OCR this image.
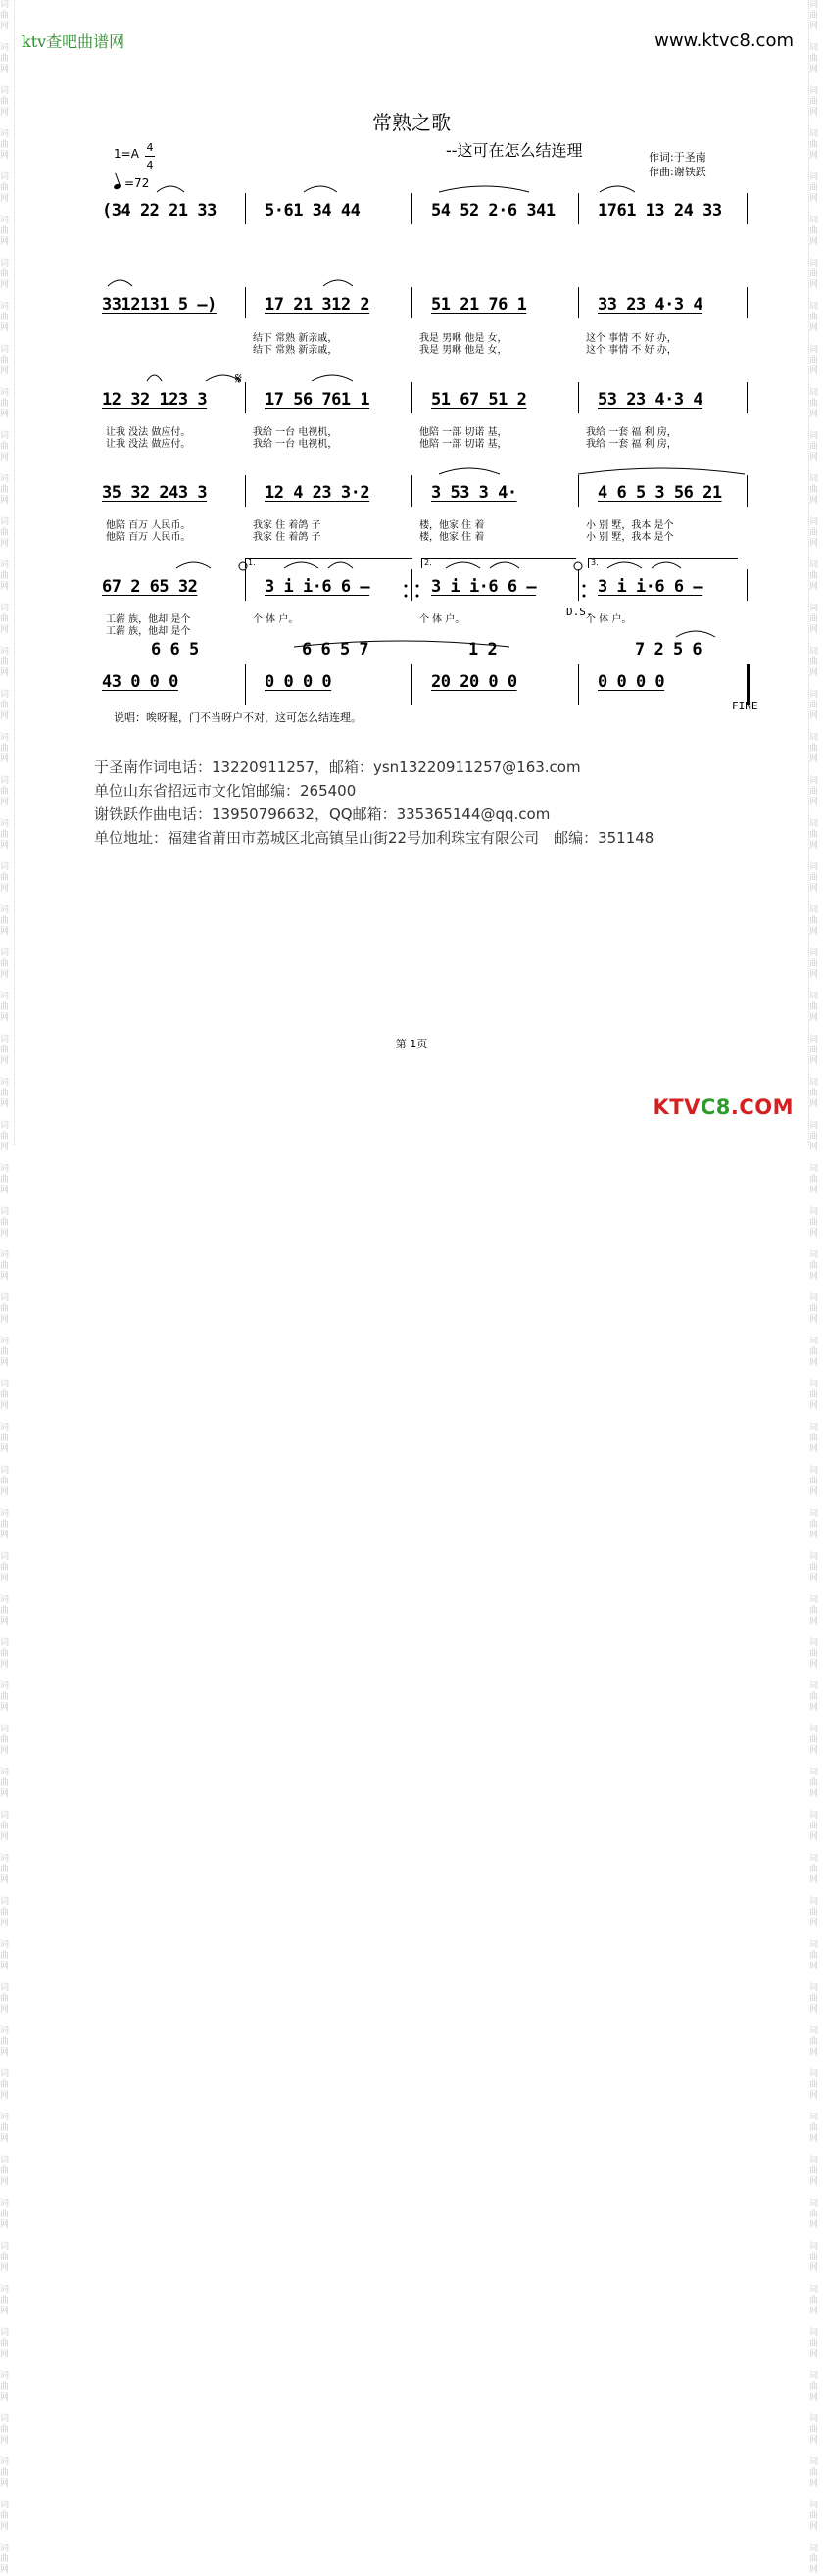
词
曲
网

词
曲
网

词
曲
网

词
曲
网

词
曲
网

词
曲
网

词
曲
网

词
曲
网

词
曲
网

词
曲
网

词
曲
网

词
曲
网

词
曲
网

词
曲
网

词
曲
网

词
曲
网

词
曲
网

词
曲
网

词
曲
网

词
曲
网

词
曲
网

词
曲
网

词
曲
网

词
曲
网

词
曲
网

词
曲
网

词
曲
网

词
曲
网

词
曲
网

词
曲
网

词
曲
网

词
曲
网

词
曲
网

词
曲
网

词
曲
网

词
曲
网

词
曲
网

词
曲
网

词
曲
网

词
曲
网

词
曲
网

词
曲
网

词
曲
网

词
曲
网

词
曲
网

词
曲
网

词
曲
网

词
曲
网

词
曲
网

词
曲
网

词
曲
网

词
曲
网

词
曲
网

词
曲
网

词
曲
网

词
曲
网

词
曲
网

词
曲
网

词
曲
网

词
曲
网

词
曲
网

词
曲
网

词
曲
网

词
曲
网

词
曲
网

词
曲
网

词
曲
网

词
曲
网

词
曲
网

词
曲
网

词
曲
网

词
曲
网

词
曲
网

词
曲
网

词
曲
网

词
曲
网

词
曲
网

词
曲
网

词
曲
网

词
曲
网

词
曲
网

词
曲
网

词
曲
网

词
曲
网

词
曲
网

词
曲
网

词
曲
网

词
曲
网

词
曲
网

词
曲
网

词
曲
网

词
曲
网

词
曲
网

词
曲
网

词
曲
网

词
曲
网

词
曲
网

词
曲
网

词
曲
网

词
曲
网

词
曲
网

词
曲
网

词
曲
网

词
曲
网

词
曲
网

词
曲
网

词
曲
网

词
曲
网

词
曲
网

词
曲
网

词
曲
网

词
曲
网

词
曲
网

词
曲
网

词
曲
网

词
曲
网

词
曲
网

词
曲
网

词
曲
网

词
曲
网

ktv查吧曲谱网	www.ktvc8.com
常熟之歌
--这可在怎么结连理	作词:于圣南
作曲:谢铁跃
1=A 4
4
=72
(34 22 21 33	5·61 34 44	54 52 2·6 341	1761 13 24 33
3312131 5 –)	17 21 312 2	51 21 76 1	33 23 4·3 4
结下 常熟 新亲戚，
结下 常熟 新亲戚，
我是 男咻 他是 女，
我是 男咻 他是 女，
这个 事情 不 好 办，
这个 事情 不 好 办，
12 32 123 3	17 56 761 1	51 67 51 2	53 23 4·3 4
让我 没法 做应付。
让我 没法 做应付。
我给 一台 电视机，
我给 一台 电视机，
他陪 一部 切诺 基，
他陪 一部 切诺 基，
我给 一套 福 利 房，
我给 一套 福 利 房，
35 32 243 3	12 4 23 3·2	3 53 3 4·	4 6 5 3 56 21
他陪 百万 人民币。
他陪 百万 人民币。
我家 住 着鸽 子
我家 住 着鸽 子
楼，他家 住 着
楼，他家 住 着
小 别 墅，我本 是个
小 别 墅，我本 是个
67 2 65 32	3 i i·6 6 –	3 i i·6 6 –	3 i i·6 6 –
工薪 族，他却 是个
工薪 族，他却 是个
个 体 户。	个 体 户。	个 体 户。
1.	2.	3.
6 6 5	6 6 5 7	1 2	7 2 5 6
43 0 0 0	0 0 0 0	20 20 0 0	0 0 0 0
D.S.
FINE
说唱：唉呀喔，门不当呀户不对，这可怎么结连理。
于圣南作词电话：13220911257，邮箱：ysn13220911257@163.com
单位山东省招远市文化馆邮编：265400
谢铁跃作曲电话：13950796632，QQ邮箱：335365144@qq.com
单位地址：福建省莆田市荔城区北高镇呈山街22号加利珠宝有限公司　邮编：351148
第 1页
KTVC8.COM
𝄋
